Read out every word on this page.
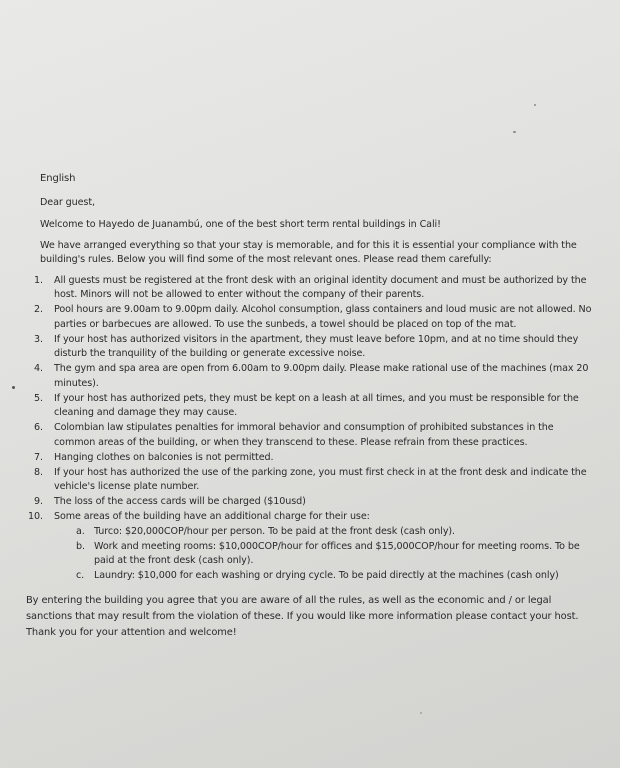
English
Dear guest,
Welcome to Hayedo de Juanambú, one of the best short term rental buildings in Cali!
We have arranged everything so that your stay is memorable, and for this it is essential your compliance with the building's rules. Below you will find some of the most relevant ones. Please read them carefully:
1. All guests must be registered at the front desk with an original identity document and must be authorized by the host. Minors will not be allowed to enter without the company of their parents.
2. Pool hours are 9.00am to 9.00pm daily. Alcohol consumption, glass containers and loud music are not allowed. No parties or barbecues are allowed. To use the sunbeds, a towel should be placed on top of the mat.
3. If your host has authorized visitors in the apartment, they must leave before 10pm, and at no time should they disturb the tranquility of the building or generate excessive noise.
4. The gym and spa area are open from 6.00am to 9.00pm daily. Please make rational use of the machines (max 20 minutes).
5. If your host has authorized pets, they must be kept on a leash at all times, and you must be responsible for the cleaning and damage they may cause.
6. Colombian law stipulates penalties for immoral behavior and consumption of prohibited substances in the common areas of the building, or when they transcend to these. Please refrain from these practices.
7. Hanging clothes on balconies is not permitted.
8. If your host has authorized the use of the parking zone, you must first check in at the front desk and indicate the vehicle's license plate number.
9. The loss of the access cards will be charged ($10usd)
10. Some areas of the building have an additional charge for their use:
a. Turco: $20,000COP/hour per person. To be paid at the front desk (cash only).
b. Work and meeting rooms: $10,000COP/hour for offices and $15,000COP/hour for meeting rooms. To be paid at the front desk (cash only).
c. Laundry: $10,000 for each washing or drying cycle. To be paid directly at the machines (cash only)
By entering the building you agree that you are aware of all the rules, as well as the economic and / or legal sanctions that may result from the violation of these. If you would like more information please contact your host. Thank you for your attention and welcome!
